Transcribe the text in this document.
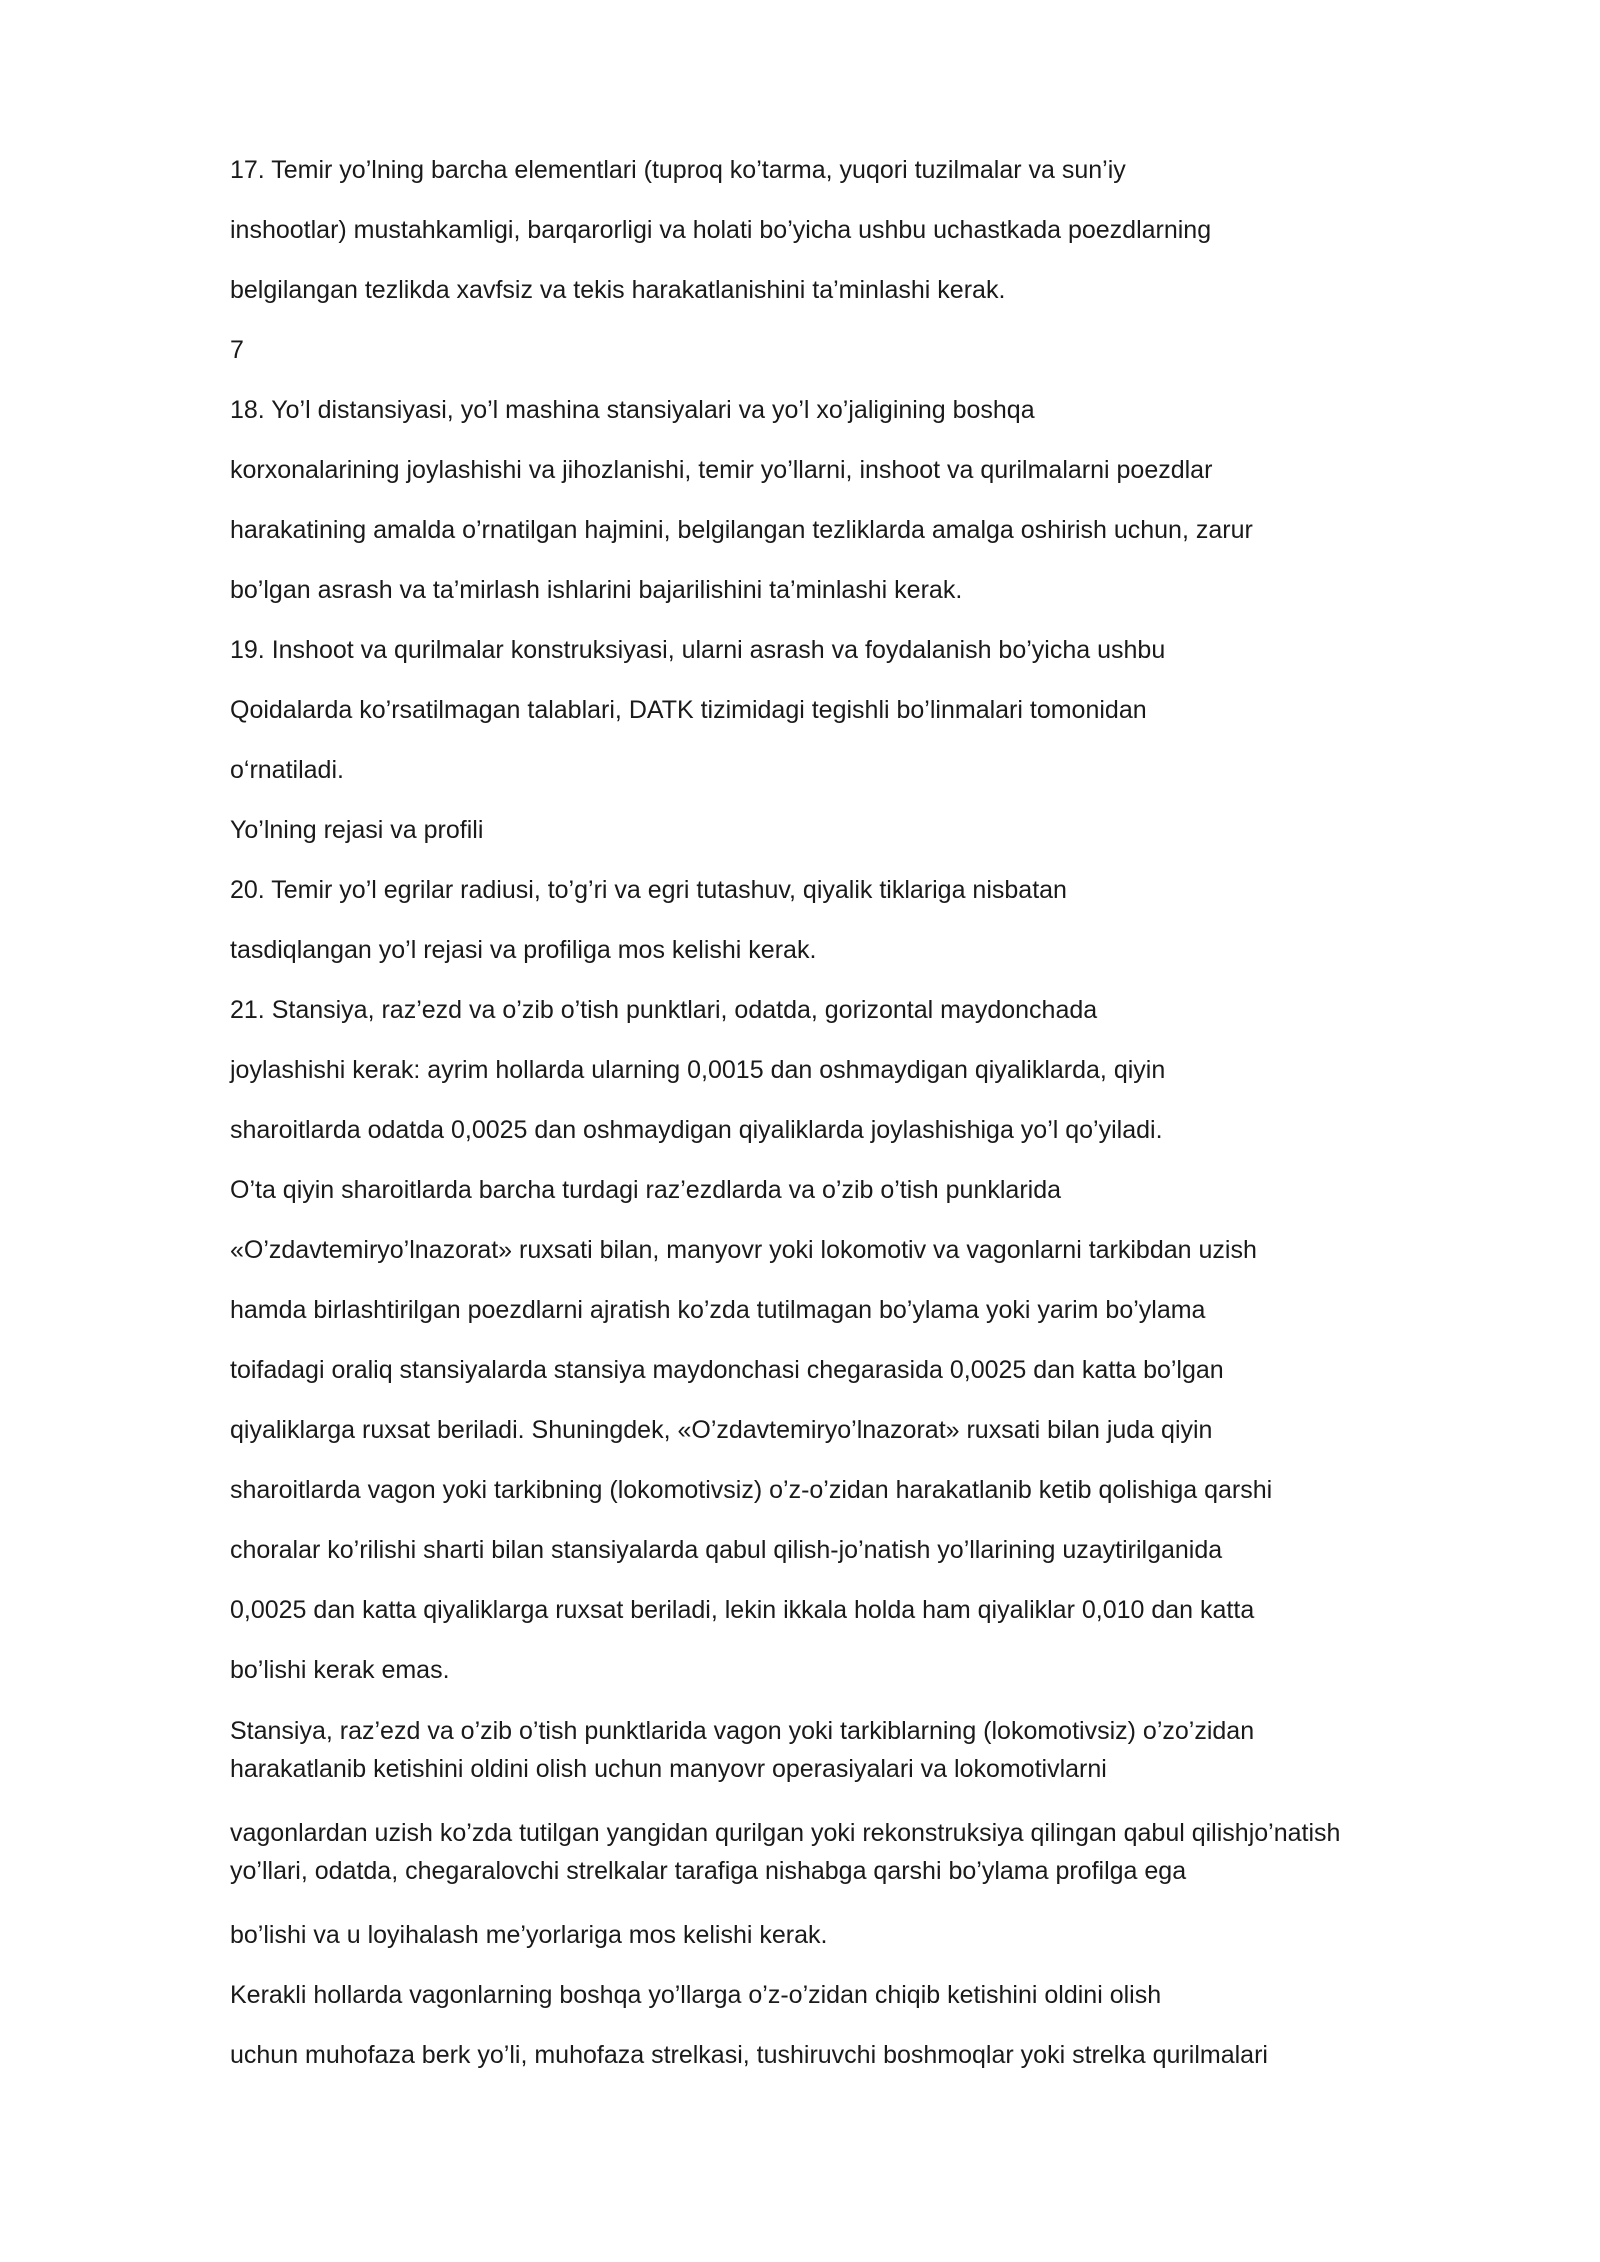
17. Temir yo’lning barcha elementlari (tuproq ko’tarma, yuqori tuzilmalar va sun’iy

inshootlar) mustahkamligi, barqarorligi va holati bo’yicha ushbu uchastkada poezdlarning

belgilangan tezlikda xavfsiz va tekis harakatlanishini ta’minlashi kerak.

7

18. Yo’l distansiyasi, yo’l mashina stansiyalari va yo’l xo’jaligining boshqa

korxonalarining joylashishi va jihozlanishi, temir yo’llarni, inshoot va qurilmalarni poezdlar

harakatining amalda o’rnatilgan hajmini, belgilangan tezliklarda amalga oshirish uchun, zarur

bo’lgan asrash va ta’mirlash ishlarini bajarilishini ta’minlashi kerak.

19. Inshoot va qurilmalar konstruksiyasi, ularni asrash va foydalanish bo’yicha ushbu

Qoidalarda ko’rsatilmagan talablari, DATK tizimidagi tegishli bo’linmalari tomonidan

o‘rnatiladi.

Yo’lning rejasi va profili

20. Temir yo’l egrilar radiusi, to’g’ri va egri tutashuv, qiyalik tiklariga nisbatan

tasdiqlangan yo’l rejasi va profiliga mos kelishi kerak.

21. Stansiya, raz’ezd va o’zib o’tish punktlari, odatda, gorizontal maydonchada

joylashishi kerak: ayrim hollarda ularning 0,0015 dan oshmaydigan qiyaliklarda, qiyin

sharoitlarda odatda 0,0025 dan oshmaydigan qiyaliklarda joylashishiga yo’l qo’yiladi.

O’ta qiyin sharoitlarda barcha turdagi raz’ezdlarda va o’zib o’tish punklarida

«O’zdavtemiryo’lnazorat» ruxsati bilan, manyovr yoki lokomotiv va vagonlarni tarkibdan uzish

hamda birlashtirilgan poezdlarni ajratish ko’zda tutilmagan bo’ylama yoki yarim bo’ylama

toifadagi oraliq stansiyalarda stansiya maydonchasi chegarasida 0,0025 dan katta bo’lgan

qiyaliklarga ruxsat beriladi. Shuningdek, «O’zdavtemiryo’lnazorat» ruxsati bilan juda qiyin

sharoitlarda vagon yoki tarkibning (lokomotivsiz) o’z-o’zidan harakatlanib ketib qolishiga qarshi

choralar ko’rilishi sharti bilan stansiyalarda qabul qilish-jo’natish yo’llarining uzaytirilganida

0,0025 dan katta qiyaliklarga ruxsat beriladi, lekin ikkala holda ham qiyaliklar 0,010 dan katta

bo’lishi kerak emas.

Stansiya, raz’ezd va o’zib o’tish punktlarida vagon yoki tarkiblarning (lokomotivsiz) o’zo’zidan

harakatlanib ketishini oldini olish uchun manyovr operasiyalari va lokomotivlarni

vagonlardan uzish ko’zda tutilgan yangidan qurilgan yoki rekonstruksiya qilingan qabul qilishjo’natish

yo’llari, odatda, chegaralovchi strelkalar tarafiga nishabga qarshi bo’ylama profilga ega

bo’lishi va u loyihalash me’yorlariga mos kelishi kerak.

Kerakli hollarda vagonlarning boshqa yo’llarga o’z-o’zidan chiqib ketishini oldini olish

uchun muhofaza berk yo’li, muhofaza strelkasi, tushiruvchi boshmoqlar yoki strelka qurilmalari
